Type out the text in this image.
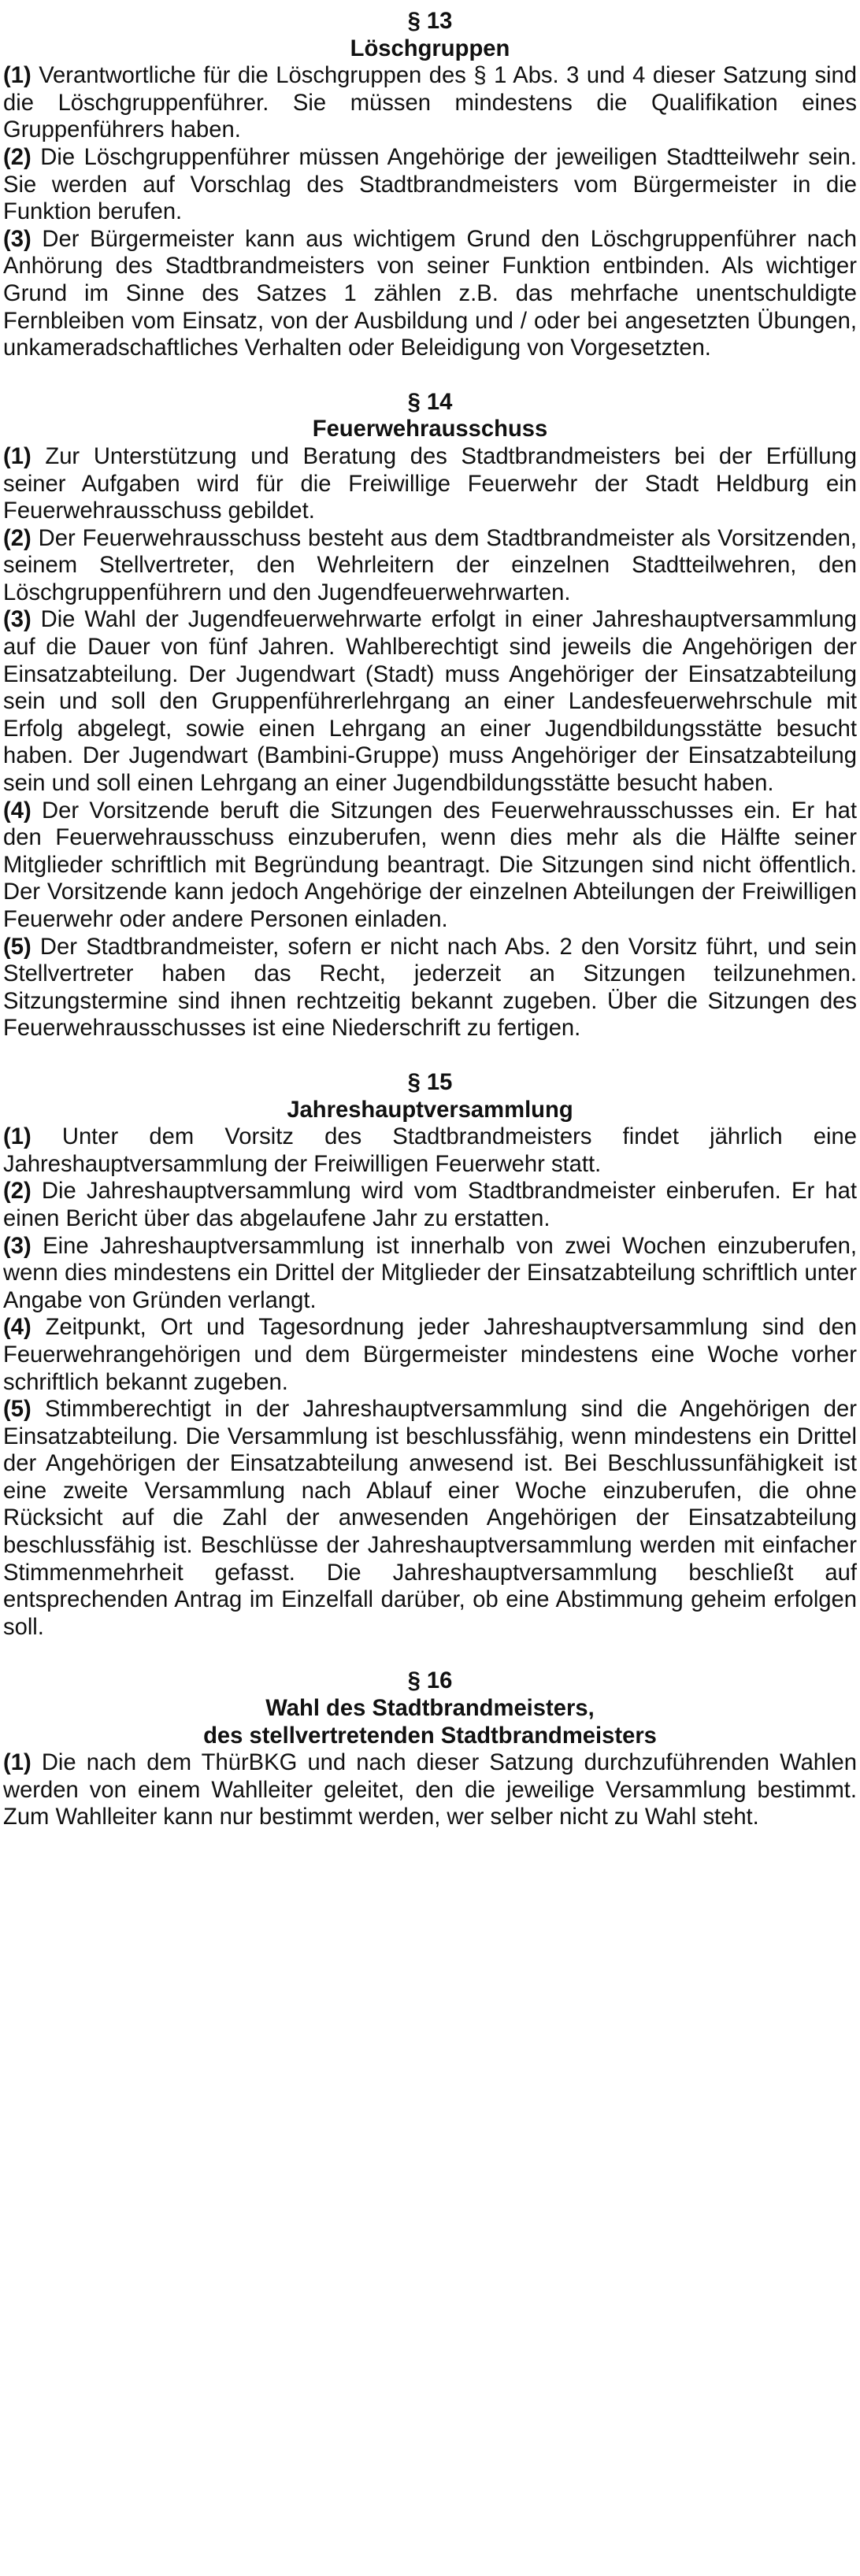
§ 13
Löschgruppen

(1) Verantwortliche für die Löschgruppen des § 1 Abs. 3 und 4 dieser Satzung sind die Löschgruppenführer. Sie müssen mindestens die Qualifikation eines Gruppenführers haben.

(2) Die Löschgruppenführer müssen Angehörige der jeweiligen Stadtteilwehr sein. Sie werden auf Vorschlag des Stadtbrandmeisters vom Bürgermeister in die Funktion berufen.

(3) Der Bürgermeister kann aus wichtigem Grund den Löschgruppenführer nach Anhörung des Stadtbrandmeisters von seiner Funktion entbinden. Als wichtiger Grund im Sinne des Satzes 1 zählen z.B. das mehrfache unentschuldigte Fernbleiben vom Einsatz, von der Ausbildung und / oder bei angesetzten Übungen, unkameradschaftliches Verhalten oder Beleidigung von Vorgesetzten.

§ 14
Feuerwehrausschuss

(1) Zur Unterstützung und Beratung des Stadtbrandmeisters bei der Erfüllung seiner Aufgaben wird für die Freiwillige Feuerwehr der Stadt Heldburg ein Feuerwehrausschuss gebildet.

(2) Der Feuerwehrausschuss besteht aus dem Stadtbrandmeister als Vorsitzenden, seinem Stellvertreter, den Wehrleitern der einzelnen Stadtteilwehren, den Löschgruppenführern und den Jugendfeuerwehrwarten.

(3) Die Wahl der Jugendfeuerwehrwarte erfolgt in einer Jahreshauptversammlung auf die Dauer von fünf Jahren. Wahlberechtigt sind jeweils die Angehörigen der Einsatzabteilung. Der Jugendwart (Stadt) muss Angehöriger der Einsatzabteilung sein und soll den Gruppenführerlehrgang an einer Landesfeuerwehrschule mit Erfolg abgelegt, sowie einen Lehrgang an einer Jugendbildungsstätte besucht haben. Der Jugendwart (Bambini-Gruppe) muss Angehöriger der Einsatzabteilung sein und soll einen Lehrgang an einer Jugendbildungsstätte besucht haben.

(4) Der Vorsitzende beruft die Sitzungen des Feuerwehrausschusses ein. Er hat den Feuerwehrausschuss einzuberufen, wenn dies mehr als die Hälfte seiner Mitglieder schriftlich mit Begründung beantragt. Die Sitzungen sind nicht öffentlich. Der Vorsitzende kann jedoch Angehörige der einzelnen Abteilungen der Freiwilligen Feuerwehr oder andere Personen einladen.

(5) Der Stadtbrandmeister, sofern er nicht nach Abs. 2 den Vorsitz führt, und sein Stellvertreter haben das Recht, jederzeit an Sitzungen teilzunehmen. Sitzungstermine sind ihnen rechtzeitig bekannt zugeben. Über die Sitzungen des Feuerwehrausschusses ist eine Niederschrift zu fertigen.

§ 15
Jahreshauptversammlung

(1) Unter dem Vorsitz des Stadtbrandmeisters findet jährlich eine Jahreshauptversammlung der Freiwilligen Feuerwehr statt.

(2) Die Jahreshauptversammlung wird vom Stadtbrandmeister einberufen. Er hat einen Bericht über das abgelaufene Jahr zu erstatten.

(3) Eine Jahreshauptversammlung ist innerhalb von zwei Wochen einzuberufen, wenn dies mindestens ein Drittel der Mitglieder der Einsatzabteilung schriftlich unter Angabe von Gründen verlangt.

(4) Zeitpunkt, Ort und Tagesordnung jeder Jahreshauptversammlung sind den Feuerwehrangehörigen und dem Bürgermeister mindestens eine Woche vorher schriftlich bekannt zugeben.

(5) Stimmberechtigt in der Jahreshauptversammlung sind die Angehörigen der Einsatzabteilung. Die Versammlung ist beschlussfähig, wenn mindestens ein Drittel der Angehörigen der Einsatzabteilung anwesend ist. Bei Beschlussunfähigkeit ist eine zweite Versammlung nach Ablauf einer Woche einzuberufen, die ohne Rücksicht auf die Zahl der anwesenden Angehörigen der Einsatzabteilung beschlussfähig ist. Beschlüsse der Jahreshauptversammlung werden mit einfacher Stimmenmehrheit gefasst. Die Jahreshauptversammlung beschließt auf entsprechenden Antrag im Einzelfall darüber, ob eine Abstimmung geheim erfolgen soll.

§ 16
Wahl des Stadtbrandmeisters,
des stellvertretenden Stadtbrandmeisters

(1) Die nach dem ThürBKG und nach dieser Satzung durchzuführenden Wahlen werden von einem Wahlleiter geleitet, den die jeweilige Versammlung bestimmt. Zum Wahlleiter kann nur bestimmt werden, wer selber nicht zu Wahl steht.
